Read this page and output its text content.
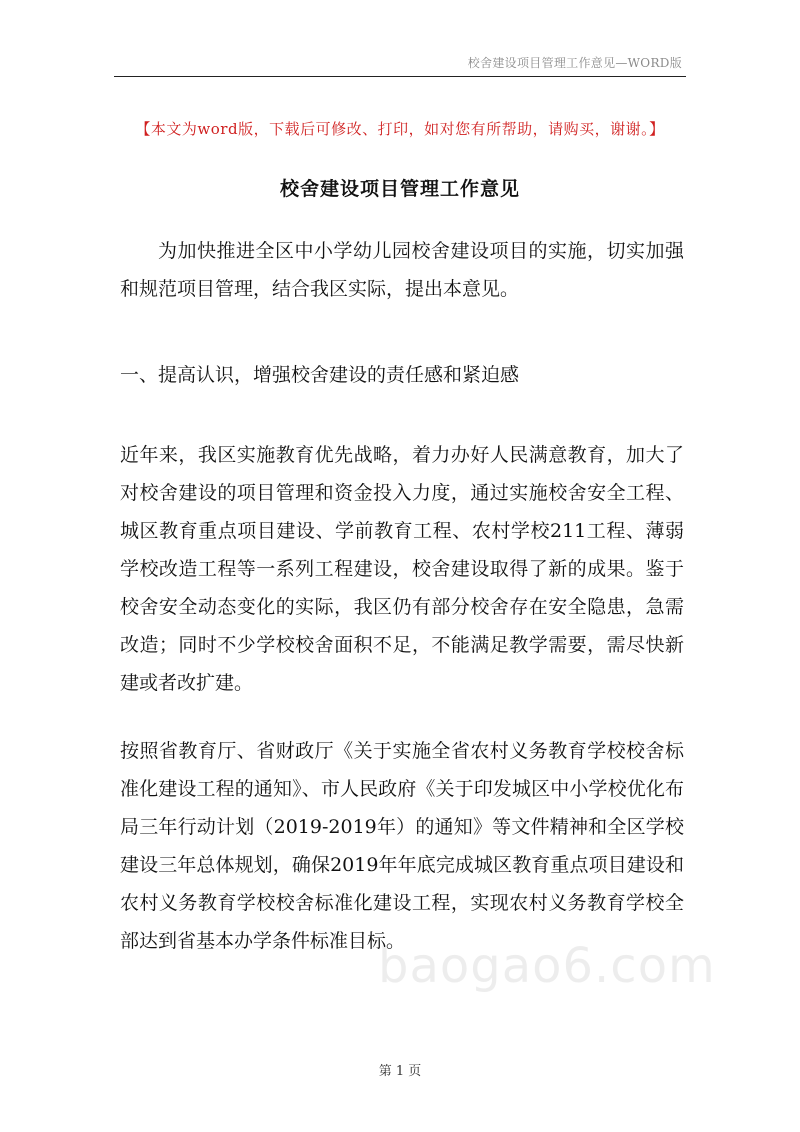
校舍建设项目管理工作意见—WORD版
【本文为word版，下载后可修改、打印，如对您有所帮助，请购买，谢谢。】
校舍建设项目管理工作意见
为加快推进全区中小学幼儿园校舍建设项目的实施，切实加强和规范项目管理，结合我区实际，提出本意见。
一、提高认识，增强校舍建设的责任感和紧迫感
近年来，我区实施教育优先战略，着力办好人民满意教育，加大了对校舍建设的项目管理和资金投入力度，通过实施校舍安全工程、城区教育重点项目建设、学前教育工程、农村学校211工程、薄弱学校改造工程等一系列工程建设，校舍建设取得了新的成果。鉴于校舍安全动态变化的实际，我区仍有部分校舍存在安全隐患，急需改造；同时不少学校校舍面积不足，不能满足教学需要，需尽快新建或者改扩建。
按照省教育厅、省财政厅《关于实施全省农村义务教育学校校舍标准化建设工程的通知》、市人民政府《关于印发城区中小学校优化布局三年行动计划（2019-2019年）的通知》等文件精神和全区学校建设三年总体规划，确保2019年年底完成城区教育重点项目建设和农村义务教育学校校舍标准化建设工程，实现农村义务教育学校全部达到省基本办学条件标准目标。
baogao6.com
第 1 页
